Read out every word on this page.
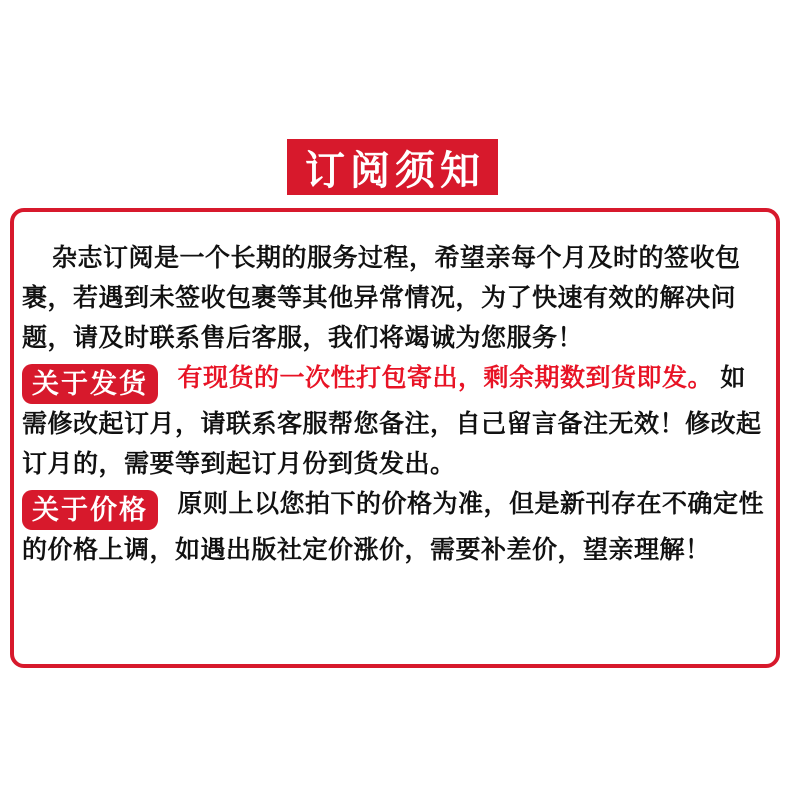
订阅须知

杂志订阅是一个长期的服务过程，希望亲每个月及时的签收包裹，若遇到未签收包裹等其他异常情况，为了快速有效的解决问题，请及时联系售后客服，我们将竭诚为您服务！

关于发货 有现货的一次性打包寄出，剩余期数到货即发。 如需修改起订月，请联系客服帮您备注，自己留言备注无效！修改起订月的，需要等到起订月份到货发出。

关于价格 原则上以您拍下的价格为准，但是新刊存在不确定性的价格上调，如遇出版社定价涨价，需要补差价，望亲理解！
